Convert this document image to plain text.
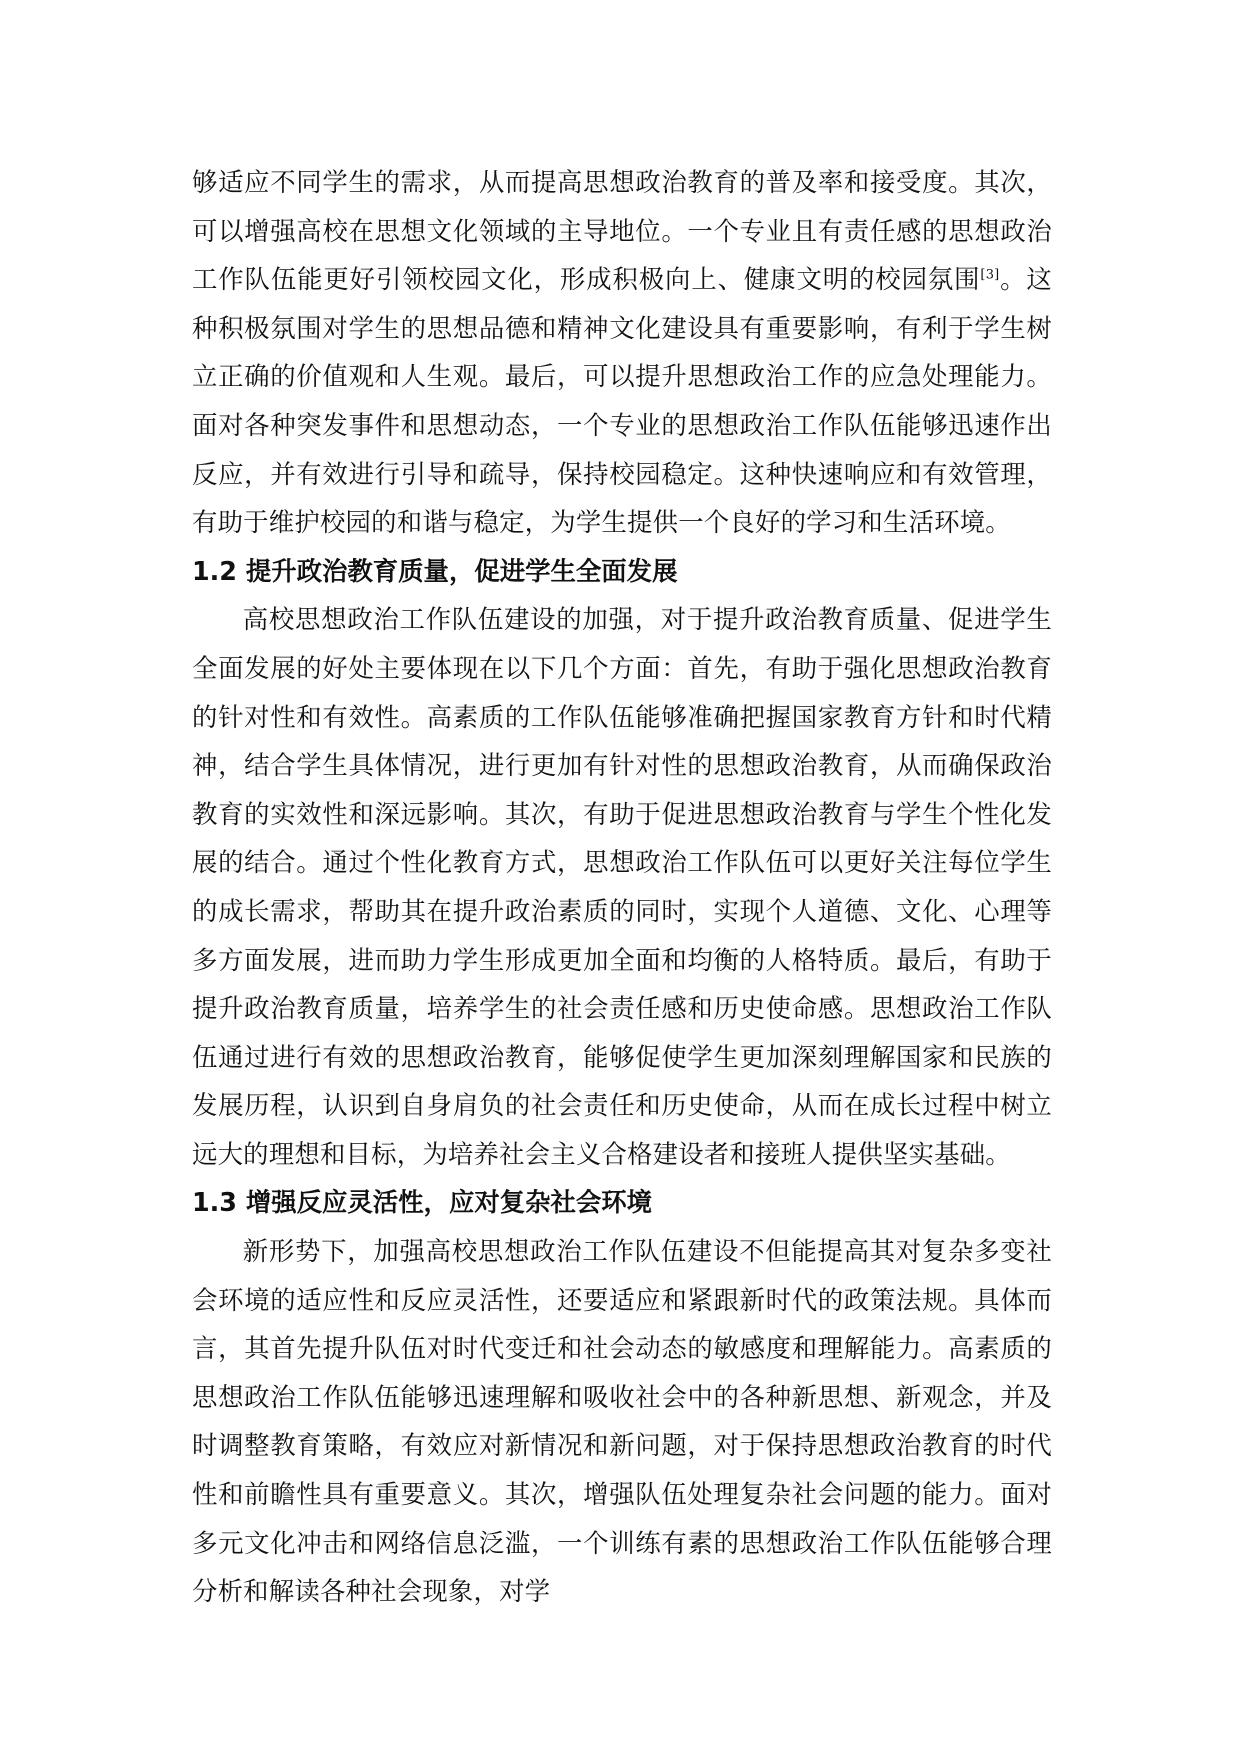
够适应不同学生的需求，从而提高思想政治教育的普及率和接受度。其次，可以增强高校在思想文化领域的主导地位。一个专业且有责任感的思想政治工作队伍能更好引领校园文化，形成积极向上、健康文明的校园氛围[3]。这种积极氛围对学生的思想品德和精神文化建设具有重要影响，有利于学生树立正确的价值观和人生观。最后，可以提升思想政治工作的应急处理能力。面对各种突发事件和思想动态，一个专业的思想政治工作队伍能够迅速作出反应，并有效进行引导和疏导，保持校园稳定。这种快速响应和有效管理，有助于维护校园的和谐与稳定，为学生提供一个良好的学习和生活环境。

1.2 提升政治教育质量，促进学生全面发展

高校思想政治工作队伍建设的加强，对于提升政治教育质量、促进学生全面发展的好处主要体现在以下几个方面：首先，有助于强化思想政治教育的针对性和有效性。高素质的工作队伍能够准确把握国家教育方针和时代精神，结合学生具体情况，进行更加有针对性的思想政治教育，从而确保政治教育的实效性和深远影响。其次，有助于促进思想政治教育与学生个性化发展的结合。通过个性化教育方式，思想政治工作队伍可以更好关注每位学生的成长需求，帮助其在提升政治素质的同时，实现个人道德、文化、心理等多方面发展，进而助力学生形成更加全面和均衡的人格特质。最后，有助于提升政治教育质量，培养学生的社会责任感和历史使命感。思想政治工作队伍通过进行有效的思想政治教育，能够促使学生更加深刻理解国家和民族的发展历程，认识到自身肩负的社会责任和历史使命，从而在成长过程中树立远大的理想和目标，为培养社会主义合格建设者和接班人提供坚实基础。

1.3 增强反应灵活性，应对复杂社会环境

新形势下，加强高校思想政治工作队伍建设不但能提高其对复杂多变社会环境的适应性和反应灵活性，还要适应和紧跟新时代的政策法规。具体而言，其首先提升队伍对时代变迁和社会动态的敏感度和理解能力。高素质的思想政治工作队伍能够迅速理解和吸收社会中的各种新思想、新观念，并及时调整教育策略，有效应对新情况和新问题，对于保持思想政治教育的时代性和前瞻性具有重要意义。其次，增强队伍处理复杂社会问题的能力。面对多元文化冲击和网络信息泛滥，一个训练有素的思想政治工作队伍能够合理分析和解读各种社会现象，对学
